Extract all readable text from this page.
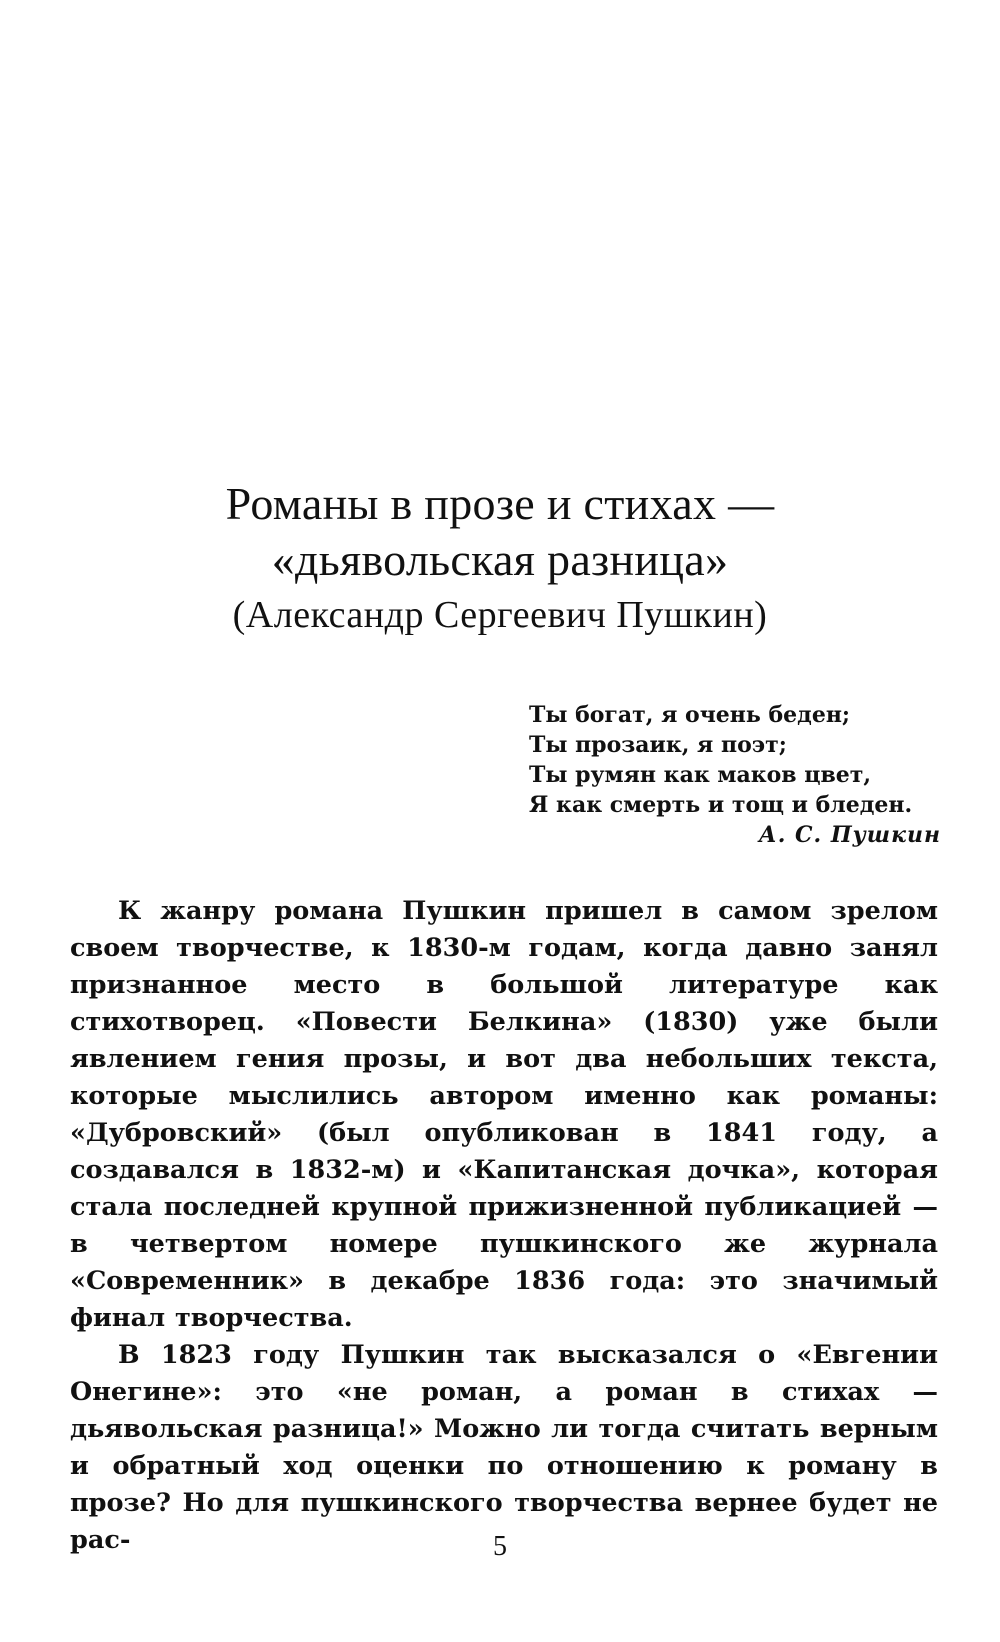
Романы в прозе и стихах —
«дьявольская разница»
(Александр Сергеевич Пушкин)

Ты богат, я очень беден;

Ты прозаик, я поэт;

Ты румян как маков цвет,

Я как смерть и тощ и бледен.

А. С. Пушкин

К жанру романа Пушкин пришел в самом зрелом своем творчестве, к 1830-м годам, когда давно занял признанное место в большой литературе как стихотворец. «Повести Белкина» (1830) уже были явлением гения прозы, и вот два небольших текста, которые мыслились автором именно как романы: «Дубровский» (был опубликован в 1841 году, а создавался в 1832-м) и «Капитанская дочка», которая стала последней крупной прижизненной публикацией — в четвертом номере пушкинского же журнала «Современник» в декабре 1836 года: это значимый финал творчества.

В 1823 году Пушкин так высказался о «Евгении Онегине»: это «не роман, а роман в стихах — дьявольская разница!» Можно ли тогда считать верным и обратный ход оценки по отношению к роману в прозе? Но для пушкинского творчества вернее будет не рас-	5
